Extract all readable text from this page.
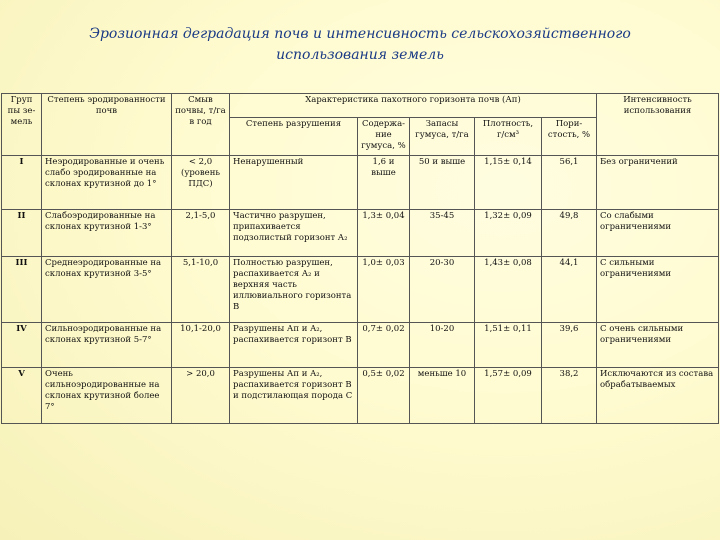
Эрозионная деградация почв и интенсивность сельскохозяйственного
использования земель
Груп пы зе- мель	Степень эродированности почв	Смыв почвы, т/га в год	Характеристика пахотного горизонта почв (Ап)					Интенсивность использования
			Степень разрушения	Содержа- ние гумуса, %	Запасы гумуса, т/га	Плотность, г/см³	Пори- стость, %	
I	Неэродированные и очень слабо эродированные на склонах крутизной до 1°	< 2,0 (уровень ПДС)	Ненарушенный	1,6 и выше	50 и выше	1,15± 0,14	56,1	Без ограничений
II	Слабоэродированные на склонах крутизной 1-3°	2,1-5,0	Частично разрушен, припахивается подзолистый горизонт A₂	1,3± 0,04	35-45	1,32± 0,09	49,8	Со слабыми ограничениями
III	Среднеэродированные на склонах крутизной 3-5°	5,1-10,0	Полностью разрушен, распахивается A₂ и верхняя часть иллювиального горизонта В	1,0± 0,03	20-30	1,43± 0,08	44,1	С сильными ограничениями
IV	Сильноэродированные на склонах крутизной 5-7°	10,1-20,0	Разрушены Ап и A₂, распахивается горизонт В	0,7± 0,02	10-20	1,51± 0,11	39,6	С очень сильными ограничениями
V	Очень сильноэродированные на склонах крутизной более 7°	> 20,0	Разрушены Ап и A₂, распахивается горизонт В и подстилающая порода С	0,5± 0,02	меньше 10	1,57± 0,09	38,2	Исключаются из состава обрабатываемых
